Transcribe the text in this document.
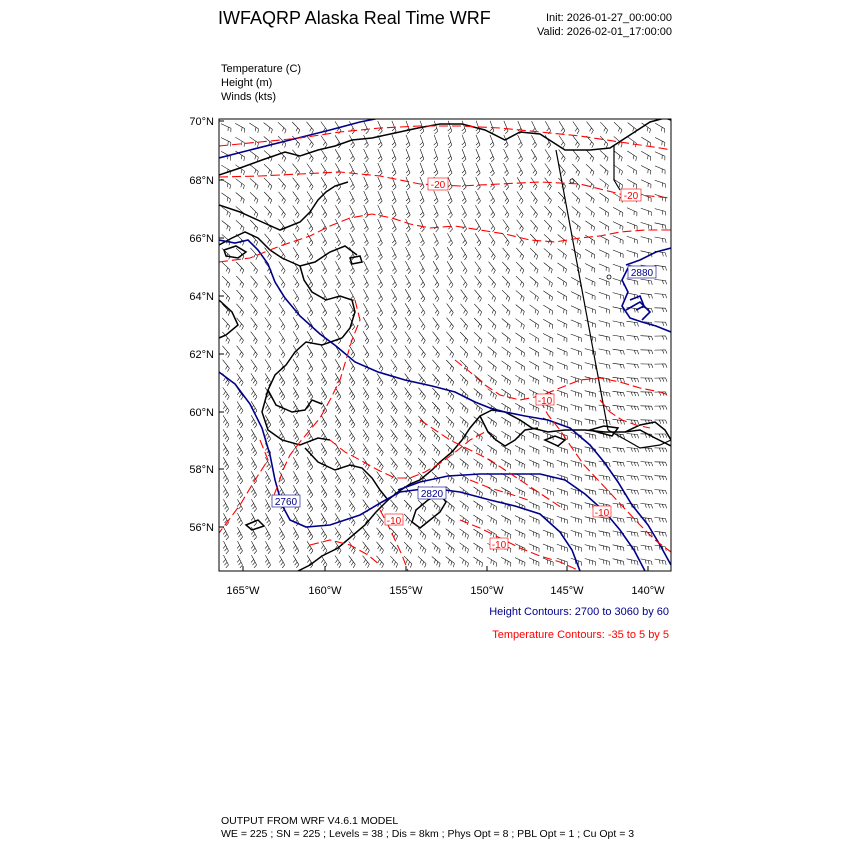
IWFAQRP Alaska Real Time WRF	Init: 2026-01-27_00:00:00
Valid: 2026-02-01_17:00:00
Temperature (C)
Height (m)
Winds (kts)
-20
-20
-10
-10
-10
-10
2760
2880
2820
70°N
68°N
66°N
64°N
62°N
60°N
58°N
56°N
165°W	160°W	155°W	150°W	145°W	140°W
Height Contours: 2700 to 3060 by 60
Temperature Contours: -35 to 5 by 5
OUTPUT FROM WRF V4.6.1 MODEL
WE = 225 ; SN = 225 ; Levels = 38 ; Dis = 8km ; Phys Opt = 8 ; PBL Opt = 1 ; Cu Opt = 3
